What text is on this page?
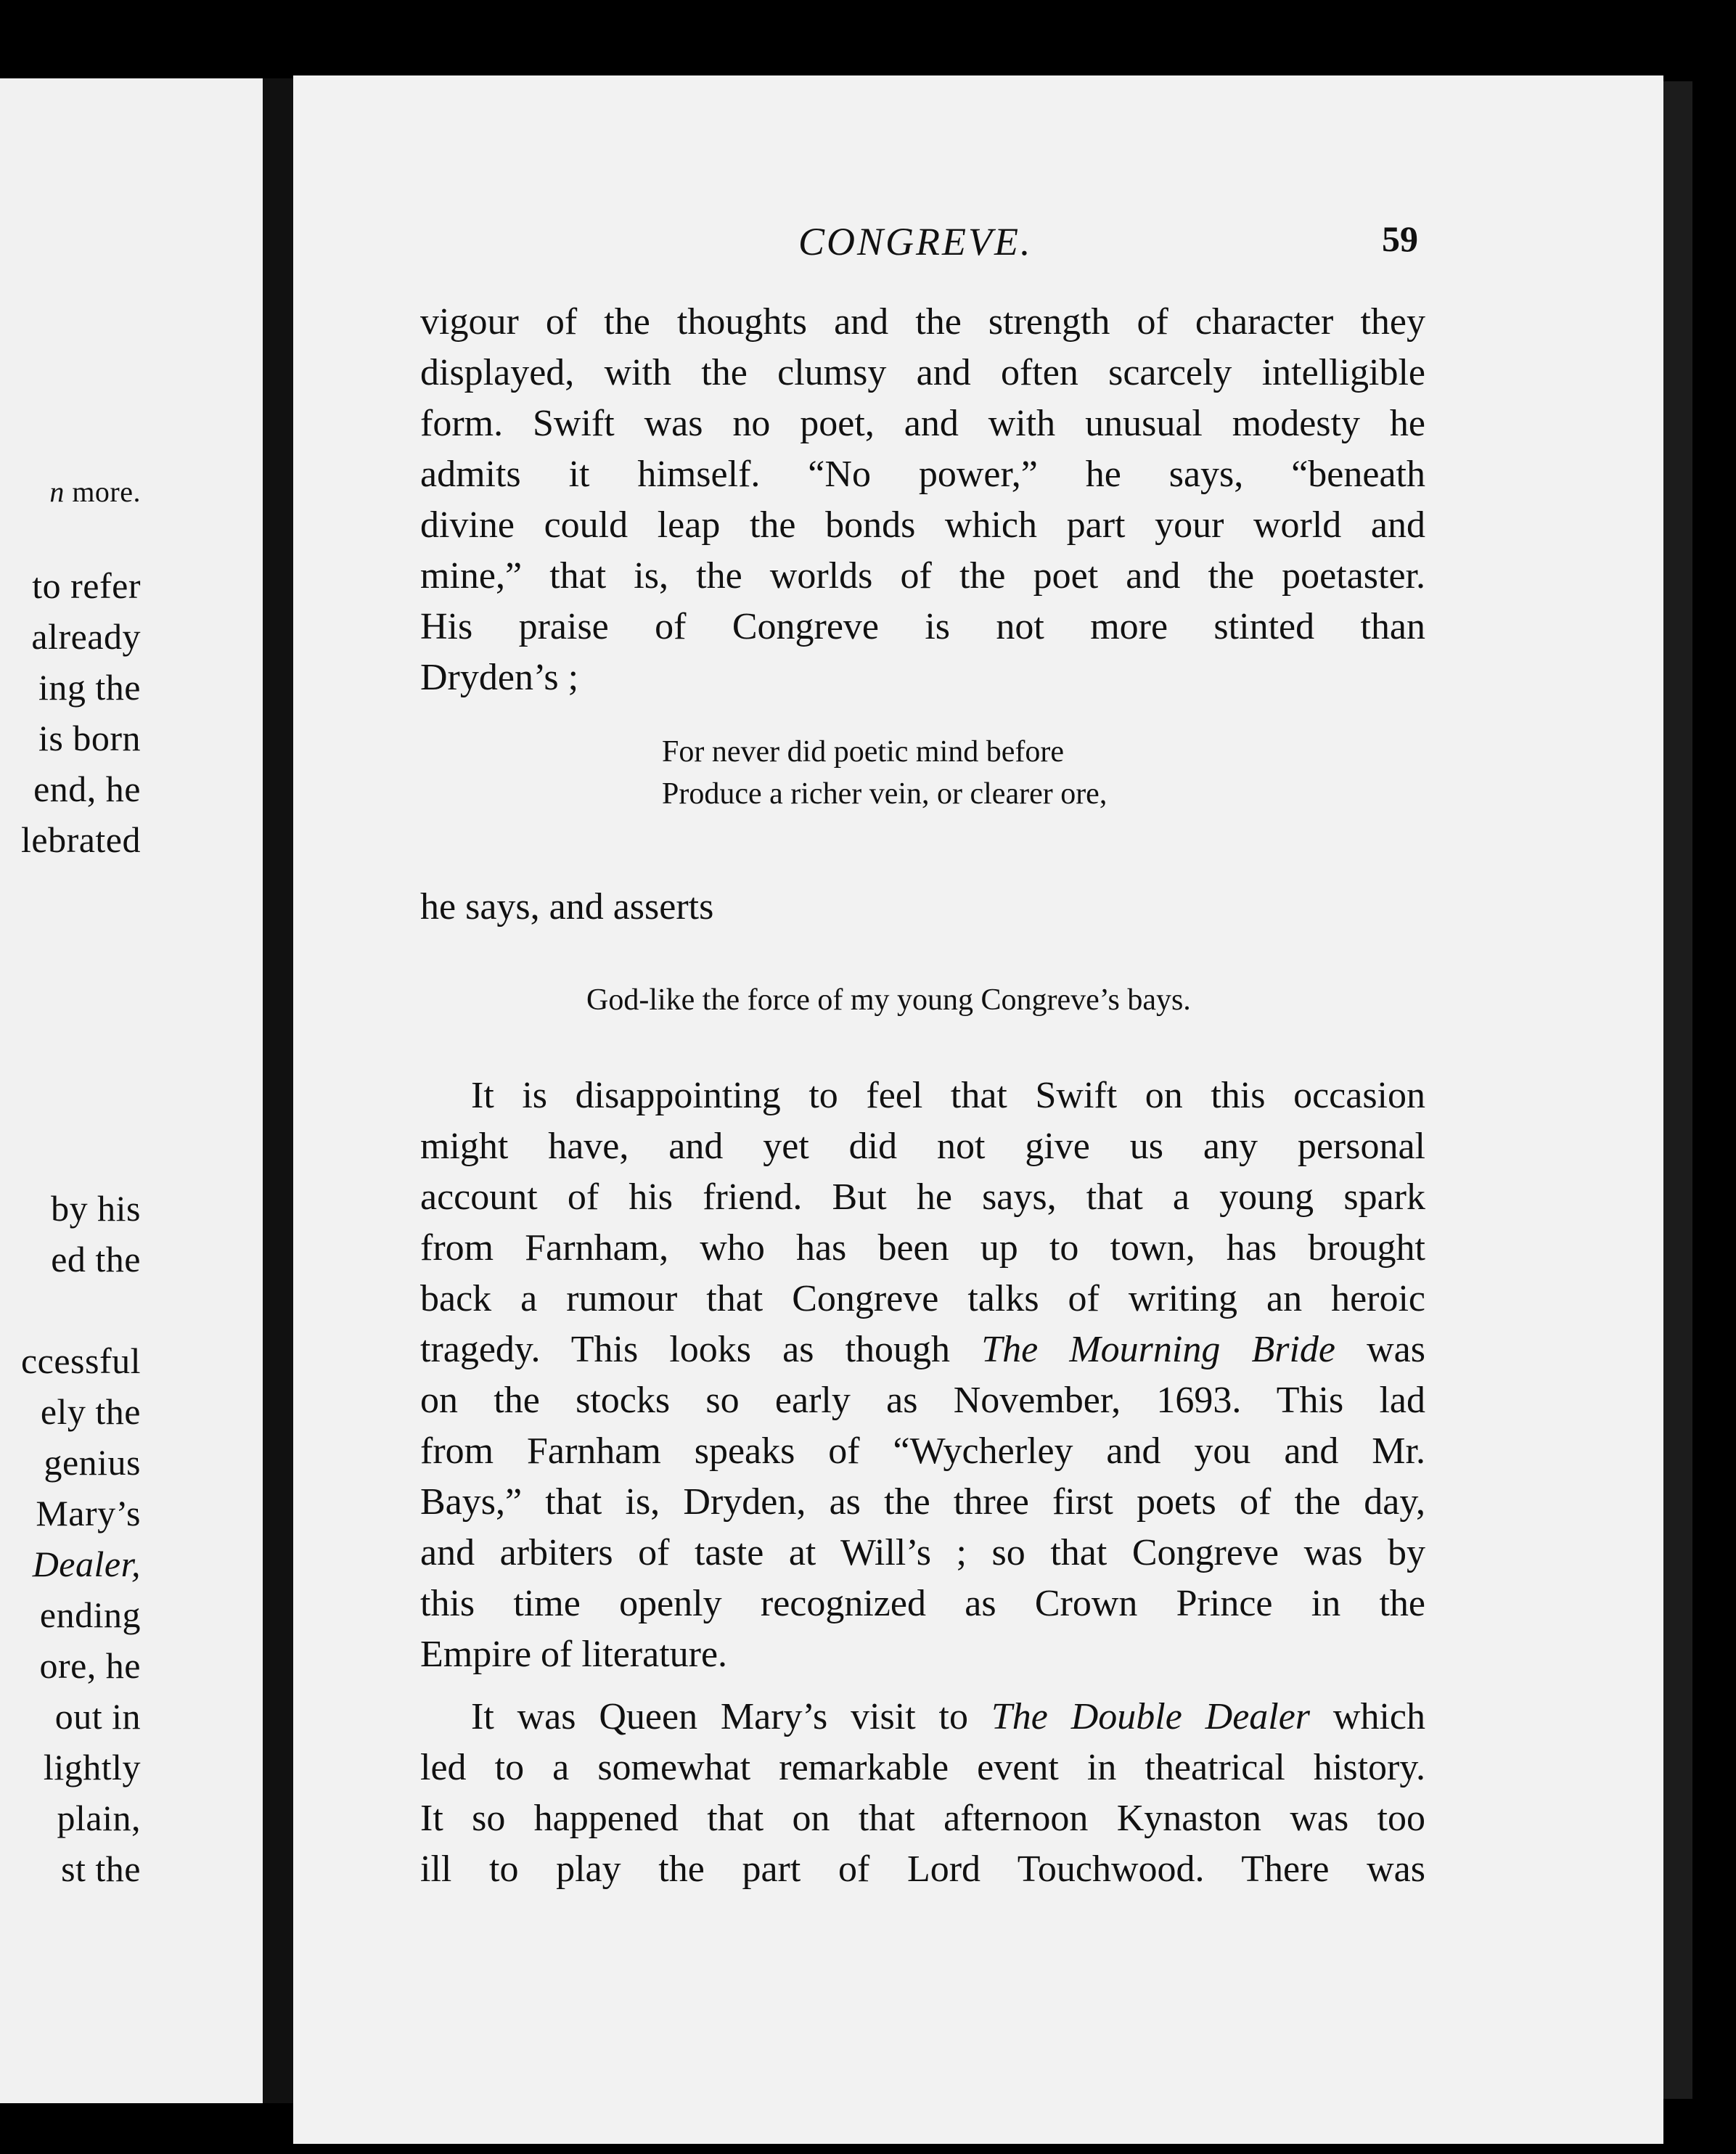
n more.
to refer
already
ing the
is born
end, he
lebrated
by his
ed the
ccessful
ely the
genius
Mary’s
Dealer,
ending
ore, he
out in
lightly
plain,
st the
CONGREVE.	59
vigour of the thoughts and the strength of character they
displayed, with the clumsy and often scarcely intelligible
form. Swift was no poet, and with unusual modesty he
admits it himself. “No power,” he says, “beneath
divine could leap the bonds which part your world and
mine,” that is, the worlds of the poet and the poetaster.
His praise of Congreve is not more stinted than
Dryden’s ;
For never did poetic mind before
Produce a richer vein, or clearer ore,
he says, and asserts
God-like the force of my young Congreve’s bays.
It is disappointing to feel that Swift on this occasion
might have, and yet did not give us any personal
account of his friend. But he says, that a young spark
from Farnham, who has been up to town, has brought
back a rumour that Congreve talks of writing an heroic
tragedy. This looks as though The Mourning Bride was
on the stocks so early as November, 1693. This lad
from Farnham speaks of “Wycherley and you and Mr.
Bays,” that is, Dryden, as the three first poets of the day,
and arbiters of taste at Will’s ; so that Congreve was by
this time openly recognized as Crown Prince in the
Empire of literature.
It was Queen Mary’s visit to The Double Dealer which
led to a somewhat remarkable event in theatrical history.
It so happened that on that afternoon Kynaston was too
ill to play the part of Lord Touchwood. There was
